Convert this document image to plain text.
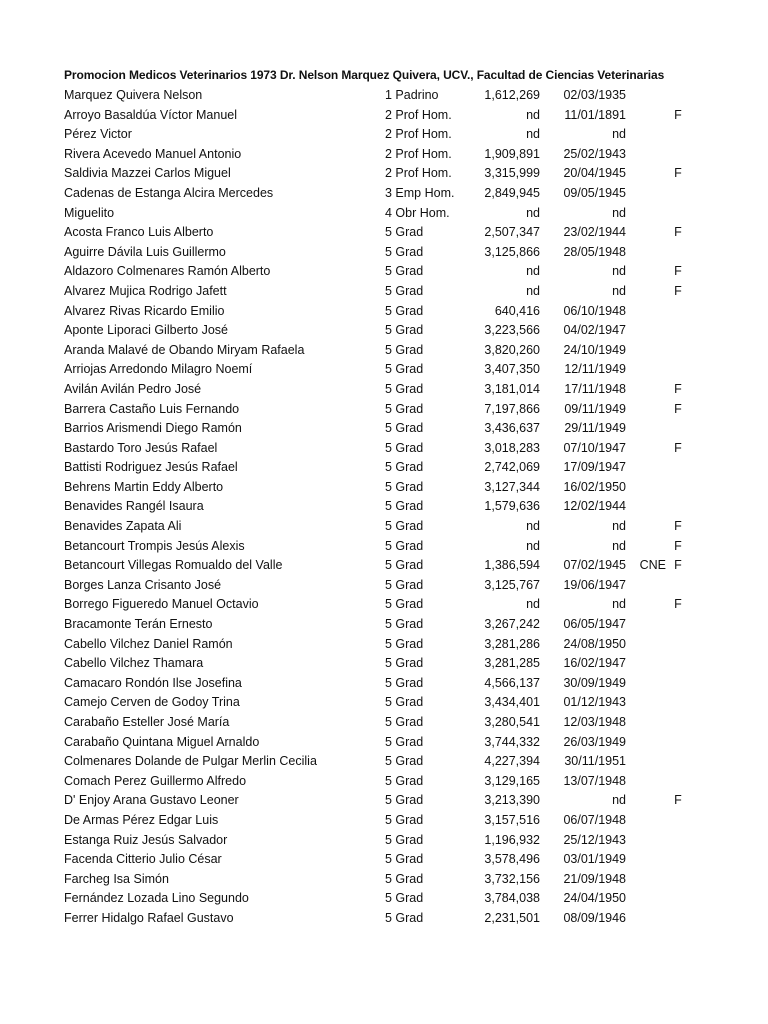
Promocion Medicos Veterinarios 1973 Dr. Nelson Marquez Quivera, UCV., Facultad de Ciencias Veterinarias
Marquez Quivera Nelson	1 Padrino	1,612,269	02/03/1935
Arroyo Basaldúa Víctor Manuel	2 Prof Hom.	nd	11/01/1891	F
Pérez Victor	2 Prof Hom.	nd	nd
Rivera Acevedo Manuel Antonio	2 Prof Hom.	1,909,891	25/02/1943
Saldivia Mazzei Carlos Miguel	2 Prof Hom.	3,315,999	20/04/1945	F
Cadenas de Estanga Alcira Mercedes	3 Emp Hom.	2,849,945	09/05/1945
Miguelito	4 Obr Hom.	nd	nd
Acosta Franco Luis Alberto	5 Grad	2,507,347	23/02/1944	F
Aguirre Dávila Luis Guillermo	5 Grad	3,125,866	28/05/1948
Aldazoro Colmenares Ramón Alberto	5 Grad	nd	nd	F
Alvarez Mujica Rodrigo Jafett	5 Grad	nd	nd	F
Alvarez Rivas Ricardo Emilio	5 Grad	640,416	06/10/1948
Aponte Liporaci Gilberto José	5 Grad	3,223,566	04/02/1947
Aranda Malavé de Obando Miryam Rafaela	5 Grad	3,820,260	24/10/1949
Arriojas Arredondo Milagro Noemí	5 Grad	3,407,350	12/11/1949
Avilán Avilán Pedro José	5 Grad	3,181,014	17/11/1948	F
Barrera Castaño Luis Fernando	5 Grad	7,197,866	09/11/1949	F
Barrios Arismendi Diego Ramón	5 Grad	3,436,637	29/11/1949
Bastardo Toro Jesús Rafael	5 Grad	3,018,283	07/10/1947	F
Battisti Rodriguez Jesús Rafael	5 Grad	2,742,069	17/09/1947
Behrens Martin Eddy Alberto	5 Grad	3,127,344	16/02/1950
Benavides Rangél Isaura	5 Grad	1,579,636	12/02/1944
Benavides Zapata Ali	5 Grad	nd	nd	F
Betancourt Trompis Jesús Alexis	5 Grad	nd	nd	F
Betancourt Villegas Romualdo del Valle	5 Grad	1,386,594	07/02/1945	CNE F
Borges Lanza Crisanto José	5 Grad	3,125,767	19/06/1947
Borrego Figueredo Manuel Octavio	5 Grad	nd	nd	F
Bracamonte Terán Ernesto	5 Grad	3,267,242	06/05/1947
Cabello Vilchez Daniel Ramón	5 Grad	3,281,286	24/08/1950
Cabello Vilchez Thamara	5 Grad	3,281,285	16/02/1947
Camacaro Rondón Ilse Josefina	5 Grad	4,566,137	30/09/1949
Camejo Cerven de Godoy Trina	5 Grad	3,434,401	01/12/1943
Carabaño Esteller José María	5 Grad	3,280,541	12/03/1948
Carabaño Quintana Miguel Arnaldo	5 Grad	3,744,332	26/03/1949
Colmenares Dolande de Pulgar Merlin Cecilia	5 Grad	4,227,394	30/11/1951
Comach Perez Guillermo Alfredo	5 Grad	3,129,165	13/07/1948
D' Enjoy Arana Gustavo Leoner	5 Grad	3,213,390	nd	F
De Armas Pérez Edgar Luis	5 Grad	3,157,516	06/07/1948
Estanga Ruiz Jesús Salvador	5 Grad	1,196,932	25/12/1943
Facenda Citterio Julio César	5 Grad	3,578,496	03/01/1949
Farcheg Isa Simón	5 Grad	3,732,156	21/09/1948
Fernández Lozada Lino Segundo	5 Grad	3,784,038	24/04/1950
Ferrer Hidalgo Rafael Gustavo	5 Grad	2,231,501	08/09/1946
